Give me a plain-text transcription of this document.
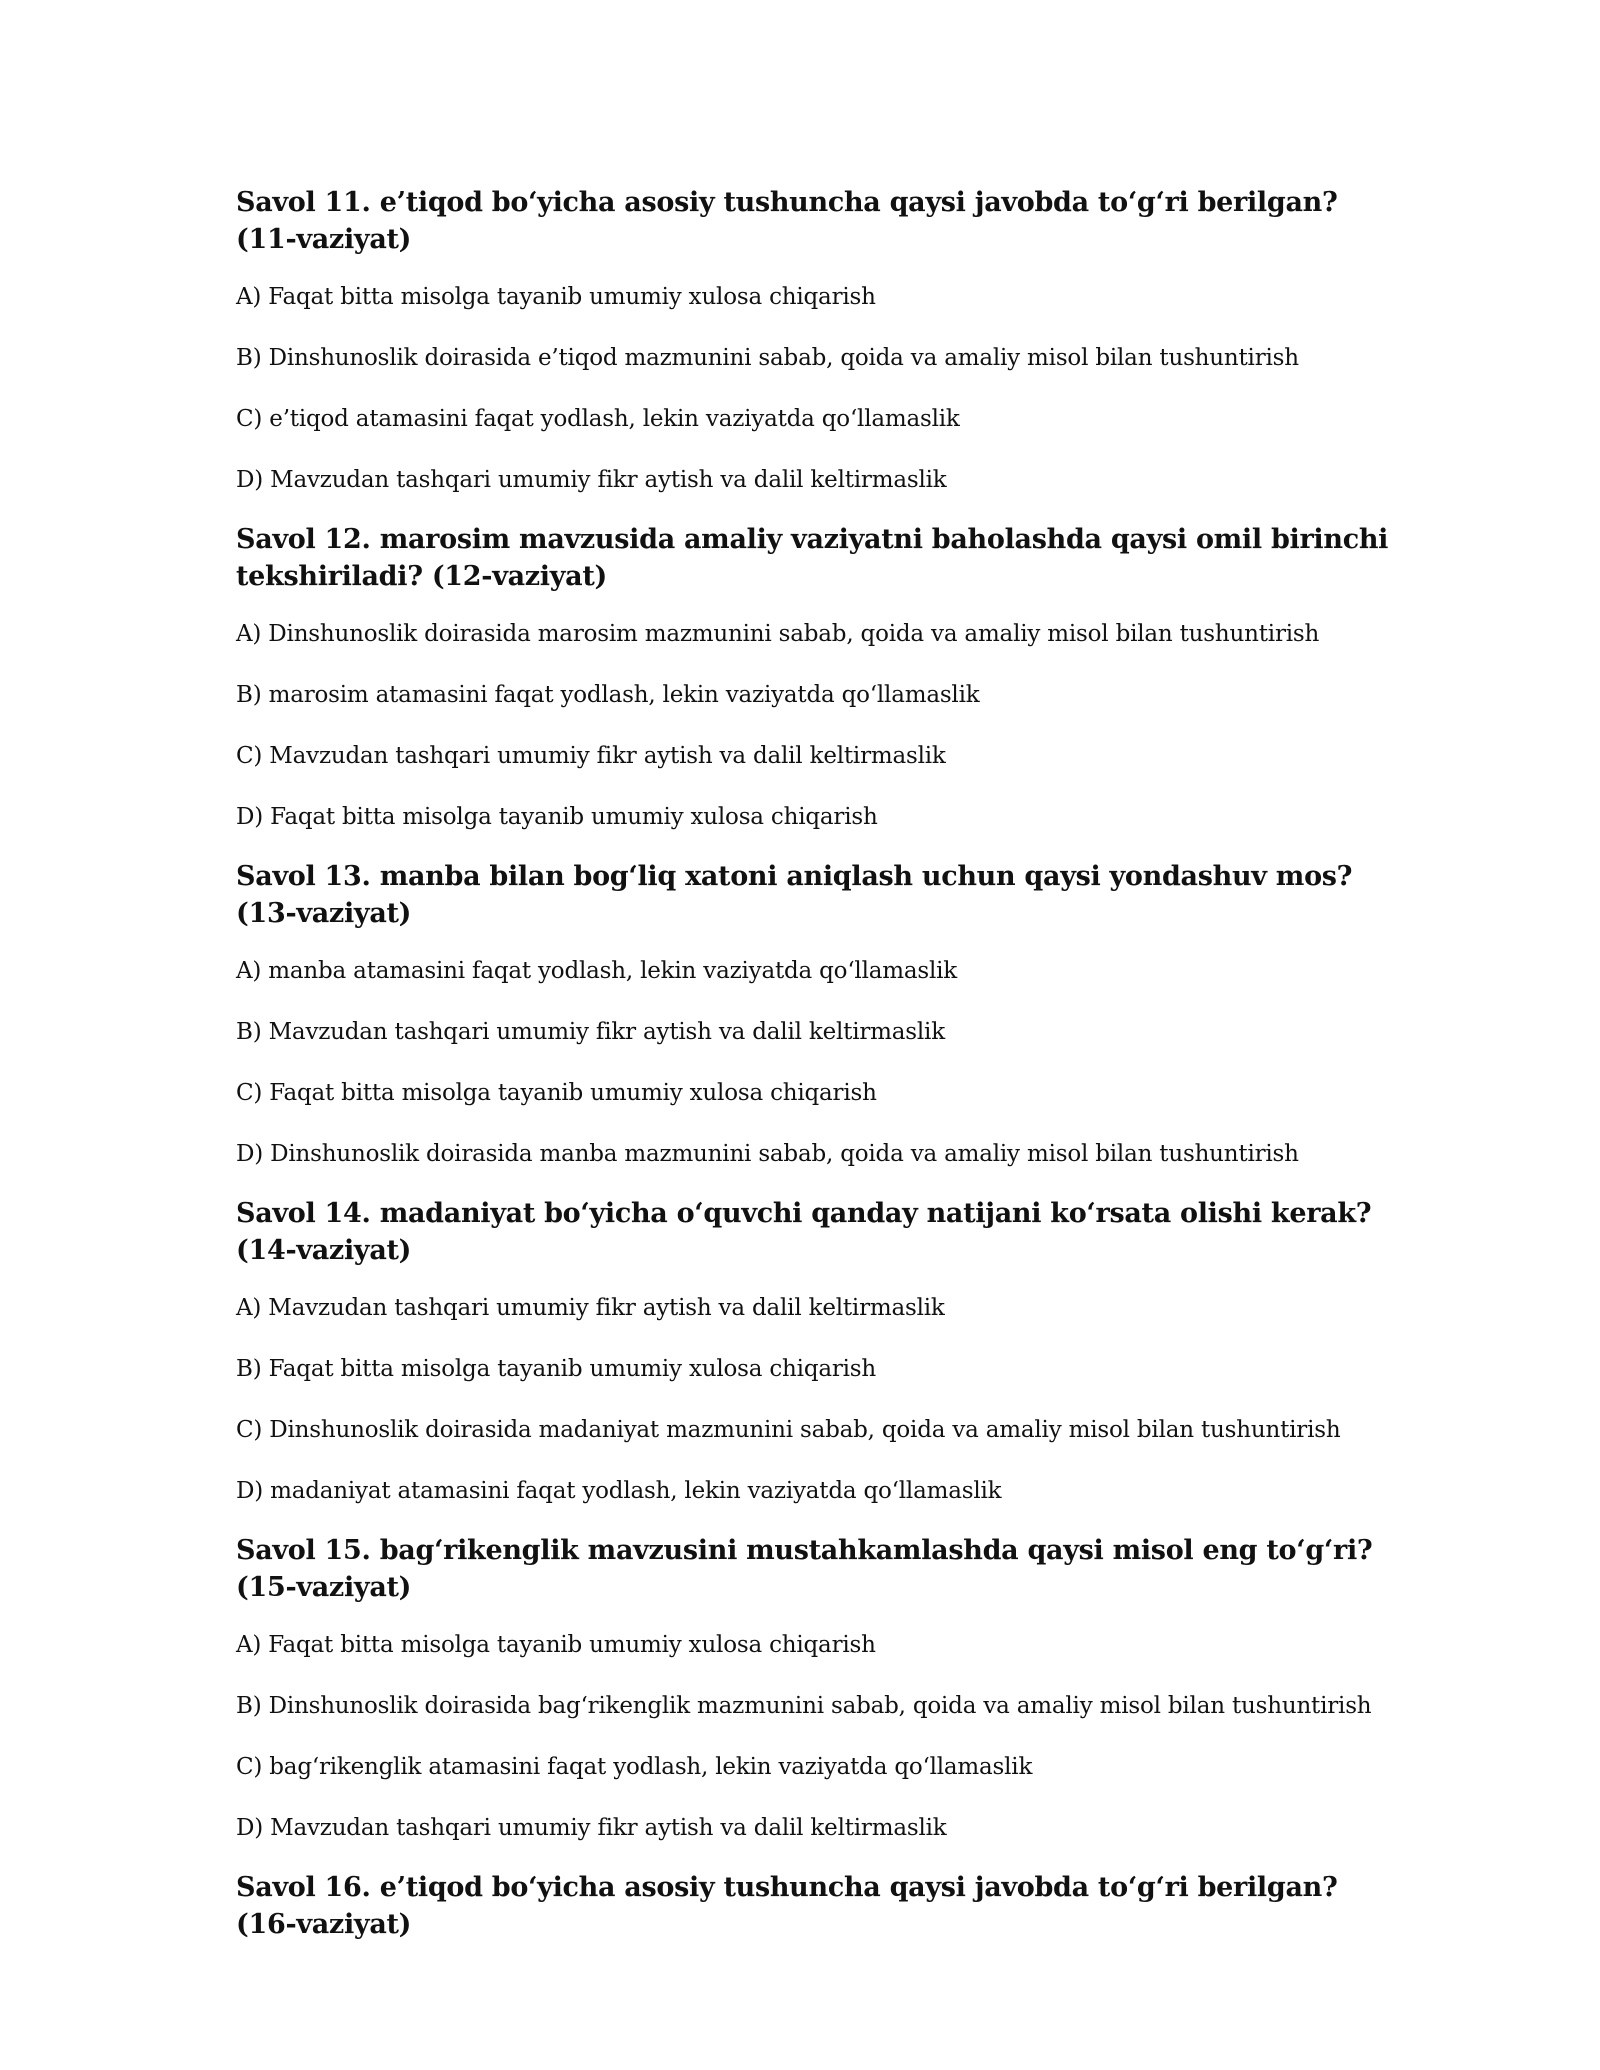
Savol 11. e’tiqod bo‘yicha asosiy tushuncha qaysi javobda to‘g‘ri berilgan? (11-vaziyat)

A) Faqat bitta misolga tayanib umumiy xulosa chiqarish

B) Dinshunoslik doirasida e’tiqod mazmunini sabab, qoida va amaliy misol bilan tushuntirish

C) e’tiqod atamasini faqat yodlash, lekin vaziyatda qo‘llamaslik

D) Mavzudan tashqari umumiy fikr aytish va dalil keltirmaslik

Savol 12. marosim mavzusida amaliy vaziyatni baholashda qaysi omil birinchi tekshiriladi? (12-vaziyat)

A) Dinshunoslik doirasida marosim mazmunini sabab, qoida va amaliy misol bilan tushuntirish

B) marosim atamasini faqat yodlash, lekin vaziyatda qo‘llamaslik

C) Mavzudan tashqari umumiy fikr aytish va dalil keltirmaslik

D) Faqat bitta misolga tayanib umumiy xulosa chiqarish

Savol 13. manba bilan bog‘liq xatoni aniqlash uchun qaysi yondashuv mos? (13-vaziyat)

A) manba atamasini faqat yodlash, lekin vaziyatda qo‘llamaslik

B) Mavzudan tashqari umumiy fikr aytish va dalil keltirmaslik

C) Faqat bitta misolga tayanib umumiy xulosa chiqarish

D) Dinshunoslik doirasida manba mazmunini sabab, qoida va amaliy misol bilan tushuntirish

Savol 14. madaniyat bo‘yicha o‘quvchi qanday natijani ko‘rsata olishi kerak? (14-vaziyat)

A) Mavzudan tashqari umumiy fikr aytish va dalil keltirmaslik

B) Faqat bitta misolga tayanib umumiy xulosa chiqarish

C) Dinshunoslik doirasida madaniyat mazmunini sabab, qoida va amaliy misol bilan tushuntirish

D) madaniyat atamasini faqat yodlash, lekin vaziyatda qo‘llamaslik

Savol 15. bag‘rikenglik mavzusini mustahkamlashda qaysi misol eng to‘g‘ri? (15-vaziyat)

A) Faqat bitta misolga tayanib umumiy xulosa chiqarish

B) Dinshunoslik doirasida bag‘rikenglik mazmunini sabab, qoida va amaliy misol bilan tushuntirish

C) bag‘rikenglik atamasini faqat yodlash, lekin vaziyatda qo‘llamaslik

D) Mavzudan tashqari umumiy fikr aytish va dalil keltirmaslik

Savol 16. e’tiqod bo‘yicha asosiy tushuncha qaysi javobda to‘g‘ri berilgan? (16-vaziyat)
